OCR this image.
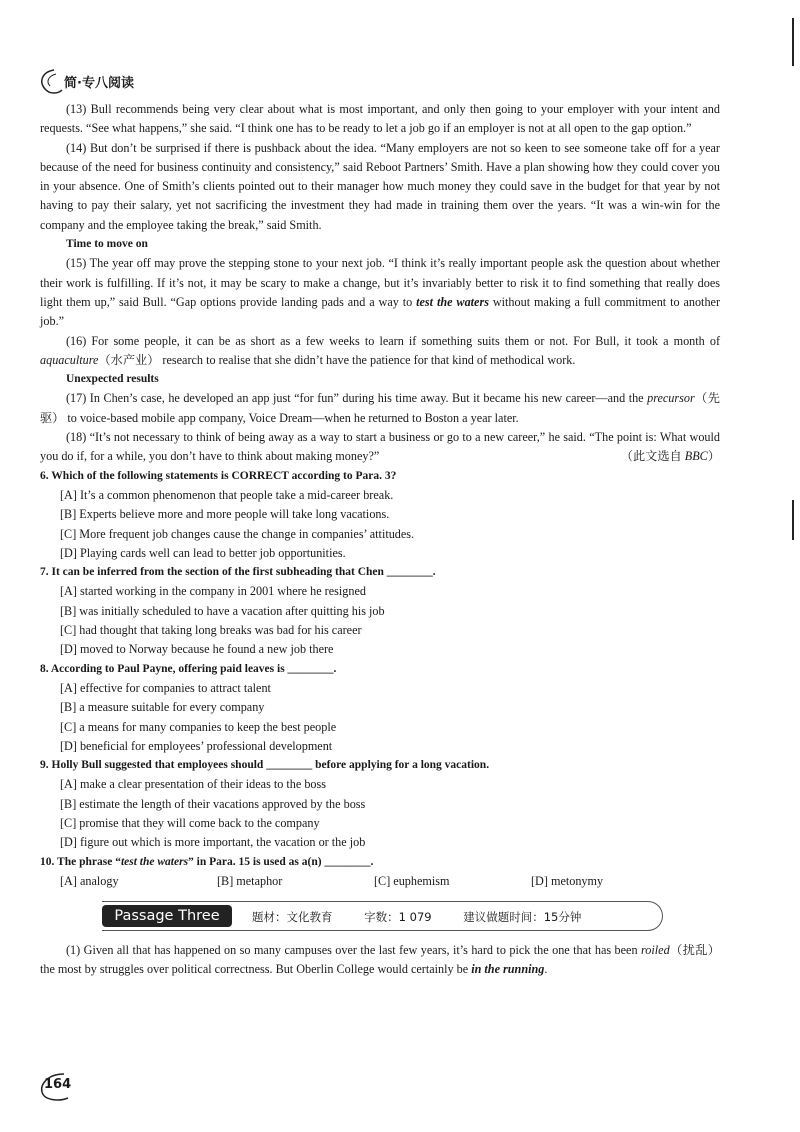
简·专八阅读

(13) Bull recommends being very clear about what is most important, and only then going to your employer with your intent and requests. “See what happens,” she said. “I think one has to be ready to let a job go if an employer is not at all open to the gap option.”

(14) But don’t be surprised if there is pushback about the idea. “Many employers are not so keen to see someone take off for a year because of the need for business continuity and consistency,” said Reboot Partners’ Smith. Have a plan showing how they could cover you in your absence. One of Smith’s clients pointed out to their manager how much money they could save in the budget for that year by not having to pay their salary, yet not sacrificing the investment they had made in training them over the years. “It was a win-win for the company and the employee taking the break,” said Smith.

Time to move on

(15) The year off may prove the stepping stone to your next job. “I think it’s really important people ask the question about whether their work is fulfilling. If it’s not, it may be scary to make a change, but it’s invariably better to risk it to find something that really does light them up,” said Bull. “Gap options provide landing pads and a way to test the waters without making a full commitment to another job.”

(16) For some people, it can be as short as a few weeks to learn if something suits them or not. For Bull, it took a month of aquaculture（水产业） research to realise that she didn’t have the patience for that kind of methodical work.

Unexpected results

(17) In Chen’s case, he developed an app just “for fun” during his time away. But it became his new career—and the precursor（先驱） to voice-based mobile app company, Voice Dream—when he returned to Boston a year later.

(18) “It’s not necessary to think of being away as a way to start a business or go to a new career,” he said. “The point is: What would you do if, for a while, you don’t have to think about making money?”	（此文选自 BBC）

6. Which of the following statements is CORRECT according to Para. 3?

[A] It’s a common phenomenon that people take a mid-career break.

[B] Experts believe more and more people will take long vacations.

[C] More frequent job changes cause the change in companies’ attitudes.

[D] Playing cards well can lead to better job opportunities.

7. It can be inferred from the section of the first subheading that Chen ________.

[A] started working in the company in 2001 where he resigned

[B] was initially scheduled to have a vacation after quitting his job

[C] had thought that taking long breaks was bad for his career

[D] moved to Norway because he found a new job there

8. According to Paul Payne, offering paid leaves is ________.

[A] effective for companies to attract talent

[B] a measure suitable for every company

[C] a means for many companies to keep the best people

[D] beneficial for employees’ professional development

9. Holly Bull suggested that employees should ________ before applying for a long vacation.

[A] make a clear presentation of their ideas to the boss

[B] estimate the length of their vacations approved by the boss

[C] promise that they will come back to the company

[D] figure out which is more important, the vacation or the job

10. The phrase “test the waters” in Para. 15 is used as a(n) ________.

[A] analogy	[B] metaphor	[C] euphemism	[D] metonymy
Passage Three	题材：文化教育	字数：1 079	建议做题时间：15分钟

(1) Given all that has happened on so many campuses over the last few years, it’s hard to pick the one that has been roiled（扰乱） the most by struggles over political correctness. But Oberlin College would certainly be in the running.

164
